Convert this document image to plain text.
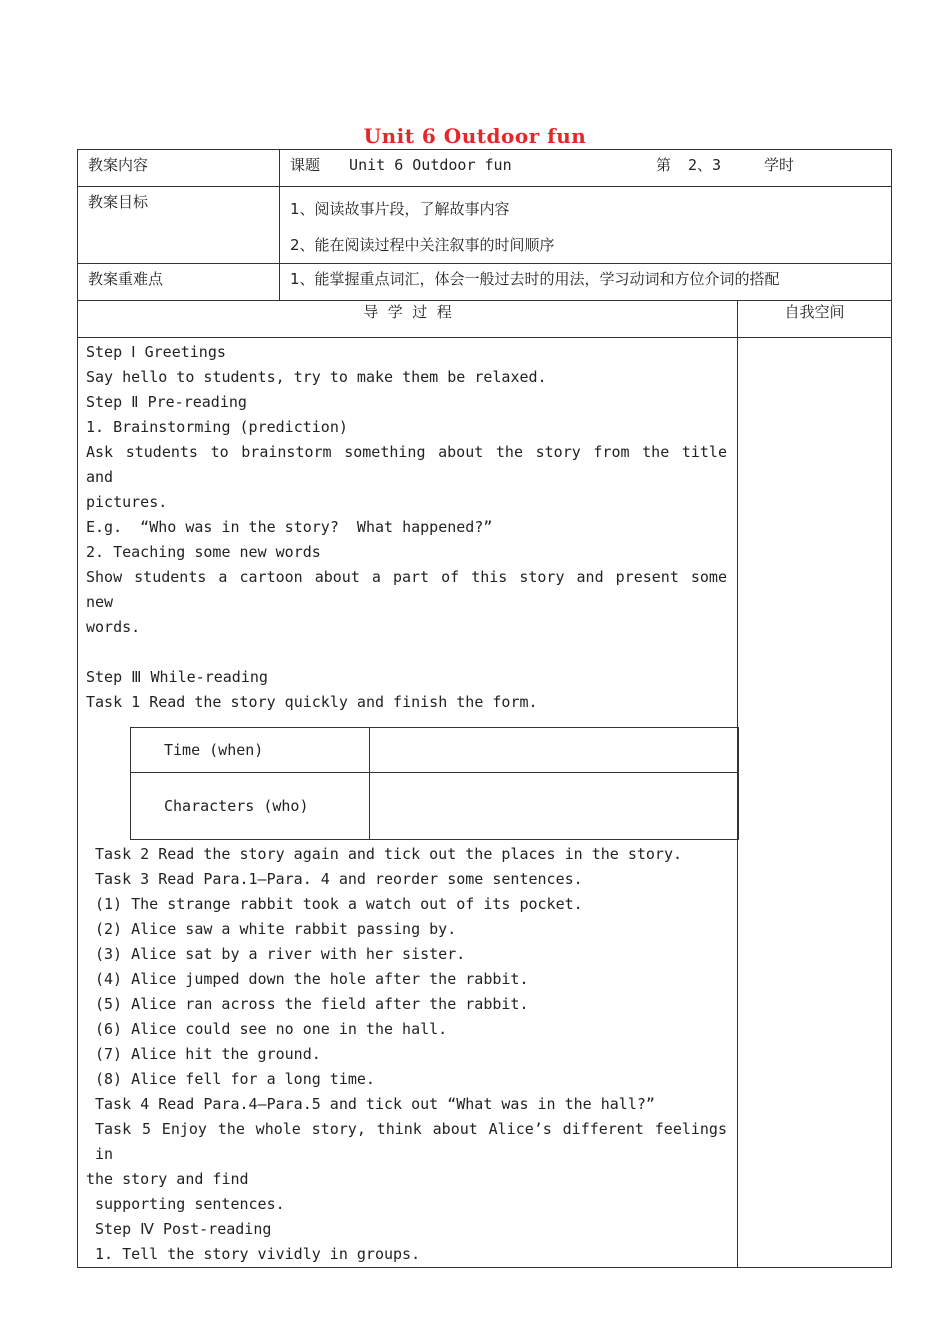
Unit 6 Outdoor fun
教案内容	课题 Unit 6 Outdoor fun	第 2、3	学时

教案目标	1、阅读故事片段，了解故事内容
2、能在阅读过程中关注叙事的时间顺序

教案重难点	1、能掌握重点词汇，体会一般过去时的用法，学习动词和方位介词的搭配

导  学  过  程	自我空间

Step Ⅰ Greetings
Say hello to students, try to make them be relaxed.
Step Ⅱ Pre-reading
1. Brainstorming (prediction)
Ask students to brainstorm something about the story from the title and
pictures.
E.g.  “Who was in the story?  What happened?”
2. Teaching some new words
Show students a cartoon about a part of this story and present some new
words.

Step Ⅲ While-reading
Task 1 Read the story quickly and finish the form.
Time (when)	
Characters (who)	
Task 2 Read the story again and tick out the places in the story.
Task 3 Read Para.1—Para. 4 and reorder some sentences.
(1) The strange rabbit took a watch out of its pocket.
(2) Alice saw a white rabbit passing by.
(3) Alice sat by a river with her sister.
(4) Alice jumped down the hole after the rabbit.
(5) Alice ran across the field after the rabbit.
(6) Alice could see no one in the hall.
(7) Alice hit the ground.
(8) Alice fell for a long time.
Task 4 Read Para.4—Para.5 and tick out “What was in the hall?”
Task 5 Enjoy the whole story, think about Alice’s different feelings in
the story and find
supporting sentences.
Step Ⅳ Post-reading
1. Tell the story vividly in groups.
